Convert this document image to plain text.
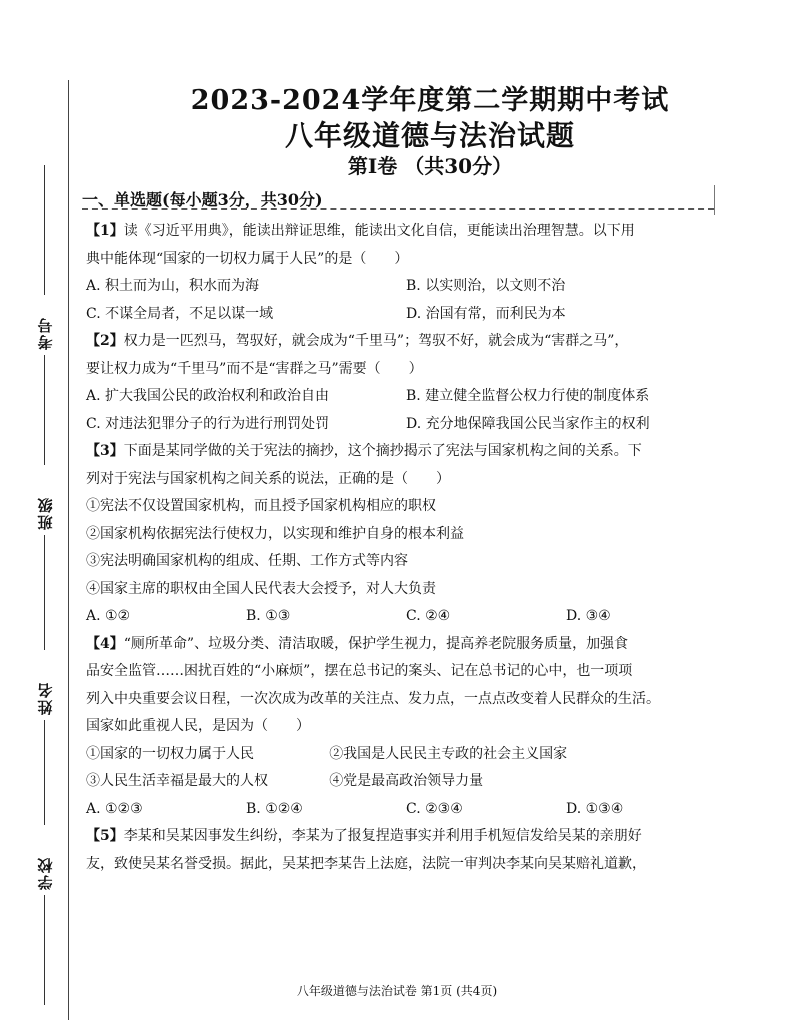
考号
班级
姓名
学校
2023-2024学年度第二学期期中考试
八年级道德与法治试题
第Ⅰ卷 （共30分）
一、单选题(每小题3分，共30分)
【1】读《习近平用典》，能读出辩证思维，能读出文化自信，更能读出治理智慧。以下用
典中能体现“国家的一切权力属于人民”的是（　　）
A. 积土而为山，积水而为海	B. 以实则治，以文则不治
C. 不谋全局者，不足以谋一域	D. 治国有常，而利民为本
【2】权力是一匹烈马，驾驭好，就会成为“千里马”；驾驭不好，就会成为“害群之马”，
要让权力成为“千里马”而不是“害群之马”需要（　　）
A. 扩大我国公民的政治权利和政治自由	B. 建立健全监督公权力行使的制度体系
C. 对违法犯罪分子的行为进行刑罚处罚	D. 充分地保障我国公民当家作主的权利
【3】下面是某同学做的关于宪法的摘抄，这个摘抄揭示了宪法与国家机构之间的关系。下
列对于宪法与国家机构之间关系的说法，正确的是（　　）
①宪法不仅设置国家机构，而且授予国家机构相应的职权
②国家机构依据宪法行使权力，以实现和维护自身的根本利益
③宪法明确国家机构的组成、任期、工作方式等内容
④国家主席的职权由全国人民代表大会授予，对人大负责
A. ①②	B. ①③	C. ②④	D. ③④
【4】“厕所革命”、垃圾分类、清洁取暖，保护学生视力，提高养老院服务质量，加强食
品安全监管……困扰百姓的“小麻烦”，摆在总书记的案头、记在总书记的心中，也一项项
列入中央重要会议日程，一次次成为改革的关注点、发力点，一点点改变着人民群众的生活。
国家如此重视人民，是因为（　　）
①国家的一切权力属于人民	②我国是人民民主专政的社会主义国家
③人民生活幸福是最大的人权	④党是最高政治领导力量
A. ①②③	B. ①②④	C. ②③④	D. ①③④
【5】李某和吴某因事发生纠纷，李某为了报复捏造事实并利用手机短信发给吴某的亲朋好
友，致使吴某名誉受损。据此，吴某把李某告上法庭，法院一审判决李某向吴某赔礼道歉，
八年级道德与法治试卷 第1页 (共4页)
